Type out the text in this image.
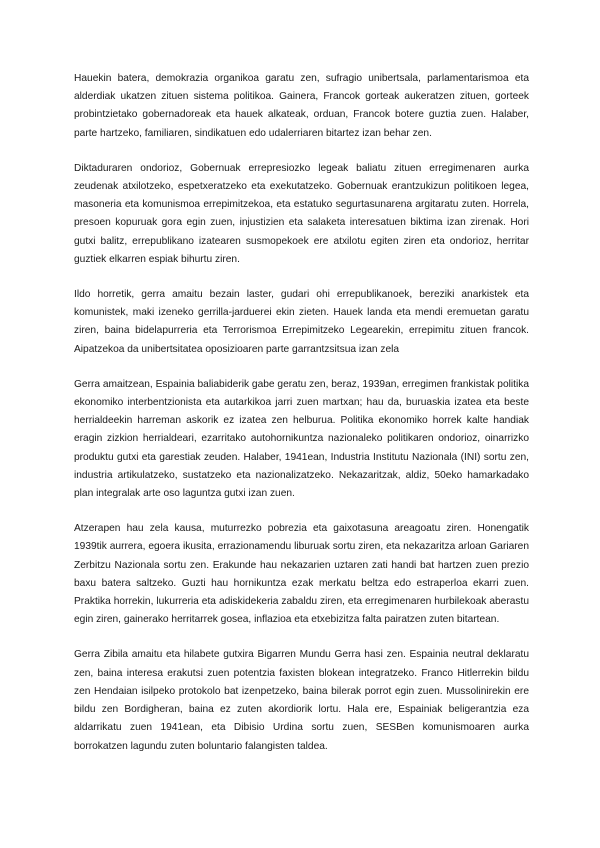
Hauekin batera, demokrazia organikoa garatu zen, sufragio unibertsala, parlamentarismoa eta alderdiak ukatzen zituen sistema politikoa. Gainera, Francok gorteak aukeratzen zituen, gorteek probintzietako gobernadoreak eta hauek alkateak, orduan, Francok botere guztia zuen. Halaber, parte hartzeko, familiaren, sindikatuen edo udalerriaren bitartez izan behar zen.

Diktaduraren ondorioz, Gobernuak errepresiozko legeak baliatu zituen erregimenaren aurka zeudenak atxilotzeko, espetxeratzeko eta exekutatzeko. Gobernuak erantzukizun politikoen legea, masoneria eta komunismoa errepimitzekoa, eta estatuko segurtasunarena argitaratu zuten. Horrela, presoen kopuruak gora egin zuen, injustizien eta salaketa interesatuen biktima izan zirenak. Hori gutxi balitz, errepublikano izatearen susmopekoek ere atxilotu egiten ziren eta ondorioz, herritar guztiek elkarren espiak bihurtu ziren.

Ildo horretik, gerra amaitu bezain laster, gudari ohi errepublikanoek, bereziki anarkistek eta komunistek, maki izeneko gerrilla-jarduerei ekin zieten. Hauek landa eta mendi eremuetan garatu ziren, baina bidelapurreria eta Terrorismoa Errepimitzeko Legearekin, errepimitu zituen francok. Aipatzekoa da unibertsitatea oposizioaren parte garrantzsitsua izan zela

Gerra amaitzean, Espainia baliabiderik gabe geratu zen, beraz, 1939an, erregimen frankistak politika ekonomiko interbentzionista eta autarkikoa jarri zuen martxan; hau da, buruaskia izatea eta beste herrialdeekin harreman askorik ez izatea zen helburua. Politika ekonomiko horrek kalte handiak eragin zizkion herrialdeari, ezarritako autohornikuntza nazionaleko politikaren ondorioz, oinarrizko produktu gutxi eta garestiak zeuden. Halaber, 1941ean, Industria Institutu Nazionala (INI) sortu zen, industria artikulatzeko, sustatzeko eta nazionalizatzeko. Nekazaritzak, aldiz, 50eko hamarkadako plan integralak arte oso laguntza gutxi izan zuen.

Atzerapen hau zela kausa, muturrezko pobrezia eta gaixotasuna areagoatu ziren. Honengatik 1939tik aurrera, egoera ikusita, errazionamendu liburuak sortu ziren, eta nekazaritza arloan Gariaren Zerbitzu Nazionala sortu zen. Erakunde hau nekazarien uztaren zati handi bat hartzen zuen prezio baxu batera saltzeko. Guzti hau hornikuntza ezak merkatu beltza edo estraperloa ekarri zuen. Praktika horrekin, lukurreria eta adiskidekeria zabaldu ziren, eta erregimenaren hurbilekoak aberastu egin ziren, gainerako herritarrek gosea, inflazioa eta etxebizitza falta pairatzen zuten bitartean.

Gerra Zibila amaitu eta hilabete gutxira Bigarren Mundu Gerra hasi zen. Espainia neutral deklaratu zen, baina interesa erakutsi zuen potentzia faxisten blokean integratzeko. Franco Hitlerrekin bildu zen Hendaian isilpeko protokolo bat izenpetzeko, baina bilerak porrot egin zuen. Mussolinirekin ere bildu zen Bordigheran, baina ez zuten akordiorik lortu. Hala ere, Espainiak beligerantzia eza aldarrikatu zuen 1941ean, eta Dibisio Urdina sortu zuen, SESBen komunismoaren aurka borrokatzen lagundu zuten boluntario falangisten taldea.
